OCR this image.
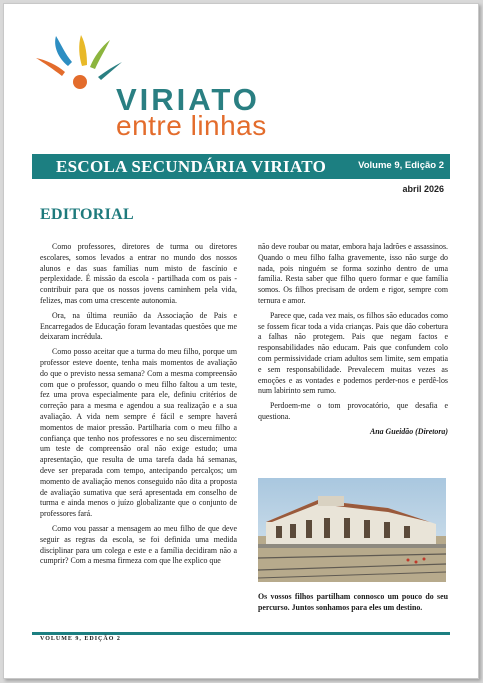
VIRIATO
entre linhas
ESCOLA SECUNDÁRIA VIRIATO	Volume 9, Edição 2
abril 2026
EDITORIAL

Como professores, diretores de turma ou diretores escolares, somos levados a entrar no mundo dos nossos alunos e das suas famílias num misto de fascínio e perplexidade. É missão da escola - partilhada com os pais - contribuir para que os nossos jovens caminhem pela vida, felizes, mas com uma crescente autonomia.

Ora, na última reunião da Associação de Pais e Encarregados de Educação foram levantadas questões que me deixaram incrédula.

Como posso aceitar que a turma do meu filho, porque um professor esteve doente, tenha mais momentos de avaliação do que o previsto nessa semana? Com a mesma compreensão com que o professor, quando o meu filho faltou a um teste, fez uma prova especialmente para ele, definiu critérios de correção para a mesma e agendou a sua realização e a sua avaliação. A vida nem sempre é fácil e sempre haverá momentos de maior pressão. Partilharia com o meu filho a confiança que tenho nos professores e no seu discernimento: um teste de compreensão oral não exige estudo; uma apresentação, que resulta de uma tarefa dada há semanas, deve ser preparada com tempo, antecipando percalços; um momento de avaliação menos conseguido não dita a proposta de avaliação sumativa que será apresentada em conselho de turma e ainda menos o juízo globalizante que o conjunto de professores fará.

Como vou passar a mensagem ao meu filho de que deve seguir as regras da escola, se foi definida uma medida disciplinar para um colega e este e a família decidiram não a cumprir? Com a mesma firmeza com que lhe explico que

não deve roubar ou matar, embora haja ladrões e assassinos. Quando o meu filho falha gravemente, isso não surge do nada, pois ninguém se forma sozinho dentro de uma família. Resta saber que filho quero formar e que família somos. Os filhos precisam de ordem e rigor, sempre com ternura e amor.

Parece que, cada vez mais, os filhos são educados como se fossem ficar toda a vida crianças. Pais que dão cobertura a falhas não protegem. Pais que negam factos e responsabilidades não educam. Pais que confundem colo com permissividade criam adultos sem limite, sem empatia e sem responsabilidade. Prevalecem muitas vezes as emoções e as vontades e podemos perder-nos e perdê-los num labirinto sem rumo.

Perdoem-me o tom provocatório, que desafia e questiona.

Ana Gueidão (Diretora)
Os vossos filhos partilham connosco um pouco do seu percurso. Juntos sonhamos para eles um destino.
VOLUME 9, EDIÇÃO 2
